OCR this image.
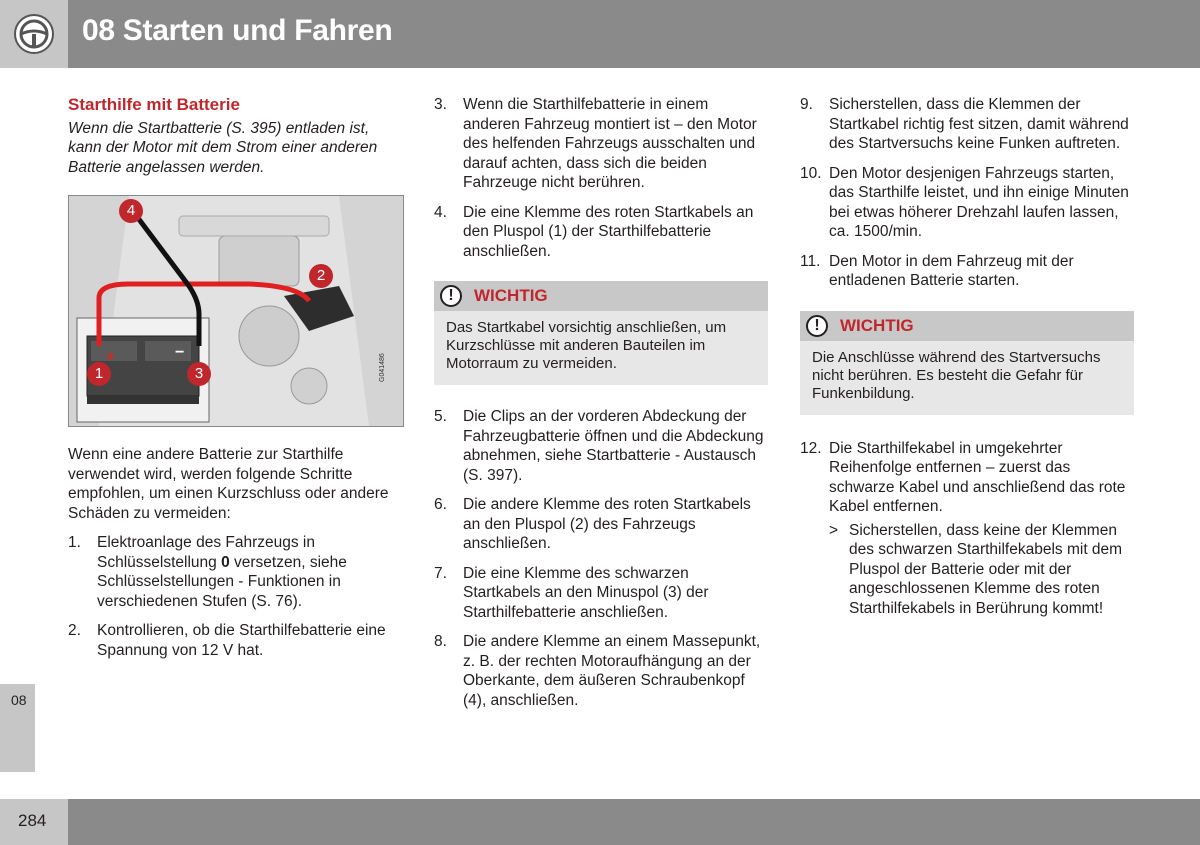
08 Starten und Fahren
08
284
Starthilfe mit Batterie

Wenn die Startbatterie (S. 395) entladen ist, kann der Motor mit dem Strom einer anderen Batterie angelassen werden.

+	−
4
2
1	3	G041486

Wenn eine andere Batterie zur Starthilfe verwendet wird, werden folgende Schritte empfohlen, um einen Kurzschluss oder andere Schäden zu vermeiden:

1.	Elektroanlage des Fahrzeugs in Schlüsselstellung 0 versetzen, siehe Schlüsselstellungen - Funktionen in verschiedenen Stufen (S. 76).
2.	Kontrollieren, ob die Starthilfebatterie eine Spannung von 12 V hat.
3.	Wenn die Starthilfebatterie in einem anderen Fahrzeug montiert ist – den Motor des helfenden Fahrzeugs ausschalten und darauf achten, dass sich die beiden Fahrzeuge nicht berühren.
4.	Die eine Klemme des roten Startkabels an den Pluspol (1) der Starthilfebatterie anschließen.
!	WICHTIG
Das Startkabel vorsichtig anschließen, um Kurzschlüsse mit anderen Bauteilen im Motorraum zu vermeiden.
5.	Die Clips an der vorderen Abdeckung der Fahrzeugbatterie öffnen und die Abdeckung abnehmen, siehe Startbatterie - Austausch (S. 397).
6.	Die andere Klemme des roten Startkabels an den Pluspol (2) des Fahrzeugs anschließen.
7.	Die eine Klemme des schwarzen Startkabels an den Minuspol (3) der Starthilfebatterie anschließen.
8.	Die andere Klemme an einem Massepunkt, z. B. der rechten Motoraufhängung an der Oberkante, dem äußeren Schraubenkopf (4), anschließen.
9.	Sicherstellen, dass die Klemmen der Startkabel richtig fest sitzen, damit während des Startversuchs keine Funken auftreten.
10. Den Motor desjenigen Fahrzeugs starten, das Starthilfe leistet, und ihn einige Minuten bei etwas höherer Drehzahl laufen lassen, ca. 1500/min.
11. Den Motor in dem Fahrzeug mit der entladenen Batterie starten.
!	WICHTIG
Die Anschlüsse während des Startversuchs nicht berühren. Es besteht die Gefahr für Funkenbildung.
12. Die Starthilfekabel in umgekehrter Reihenfolge entfernen – zuerst das schwarze Kabel und anschließend das rote Kabel entfernen.
> Sicherstellen, dass keine der Klemmen des schwarzen Starthilfekabels mit dem Pluspol der Batterie oder mit der angeschlossenen Klemme des roten Starthilfekabels in Berührung kommt!
